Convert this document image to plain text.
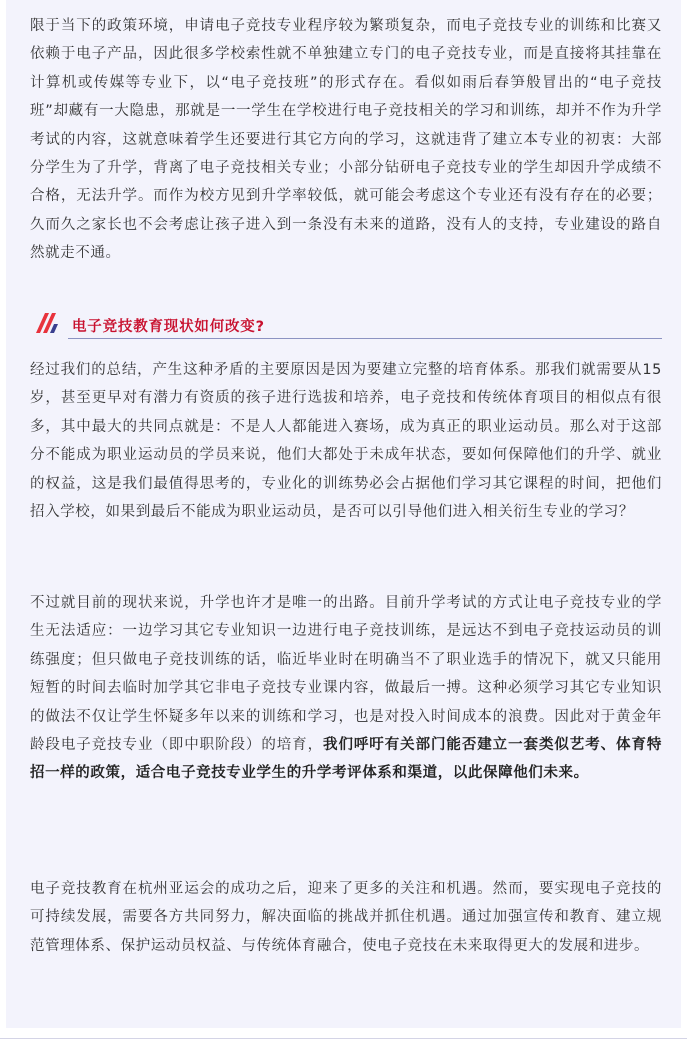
限于当下的政策环境，申请电子竞技专业程序较为繁琐复杂，而电子竞技专业的训练和比赛又依赖于电子产品，因此很多学校索性就不单独建立专门的电子竞技专业，而是直接将其挂靠在计算机或传媒等专业下，以“电子竞技班”的形式存在。看似如雨后春笋般冒出的“电子竞技班”却藏有一大隐患，那就是一一学生在学校进行电子竞技相关的学习和训练，却并不作为升学考试的内容，这就意味着学生还要进行其它方向的学习，这就违背了建立本专业的初衷：大部分学生为了升学，背离了电子竞技相关专业；小部分钻研电子竞技专业的学生却因升学成绩不合格，无法升学。而作为校方见到升学率较低，就可能会考虑这个专业还有没有存在的必要；久而久之家长也不会考虑让孩子进入到一条没有未来的道路，没有人的支持，专业建设的路自然就走不通。

电子竞技教育现状如何改变?

经过我们的总结，产生这种矛盾的主要原因是因为要建立完整的培育体系。那我们就需要从15岁，甚至更早对有潜力有资质的孩子进行选拔和培养，电子竞技和传统体育项目的相似点有很多，其中最大的共同点就是：不是人人都能进入赛场，成为真正的职业运动员。那么对于这部分不能成为职业运动员的学员来说，他们大都处于未成年状态，要如何保障他们的升学、就业的权益，这是我们最值得思考的，专业化的训练势必会占据他们学习其它课程的时间，把他们招入学校，如果到最后不能成为职业运动员，是否可以引导他们进入相关衍生专业的学习？

不过就目前的现状来说，升学也许才是唯一的出路。目前升学考试的方式让电子竞技专业的学生无法适应：一边学习其它专业知识一边进行电子竞技训练，是远达不到电子竞技运动员的训练强度；但只做电子竞技训练的话，临近毕业时在明确当不了职业选手的情况下，就又只能用短暂的时间去临时加学其它非电子竞技专业课内容，做最后一搏。这种必须学习其它专业知识的做法不仅让学生怀疑多年以来的训练和学习，也是对投入时间成本的浪费。因此对于黄金年龄段电子竞技专业（即中职阶段）的培育，我们呼吁有关部门能否建立一套类似艺考、体育特招一样的政策，适合电子竞技专业学生的升学考评体系和渠道，以此保障他们未来。

电子竞技教育在杭州亚运会的成功之后，迎来了更多的关注和机遇。然而，要实现电子竞技的可持续发展，需要各方共同努力，解决面临的挑战并抓住机遇。通过加强宣传和教育、建立规范管理体系、保护运动员权益、与传统体育融合，使电子竞技在未来取得更大的发展和进步。
